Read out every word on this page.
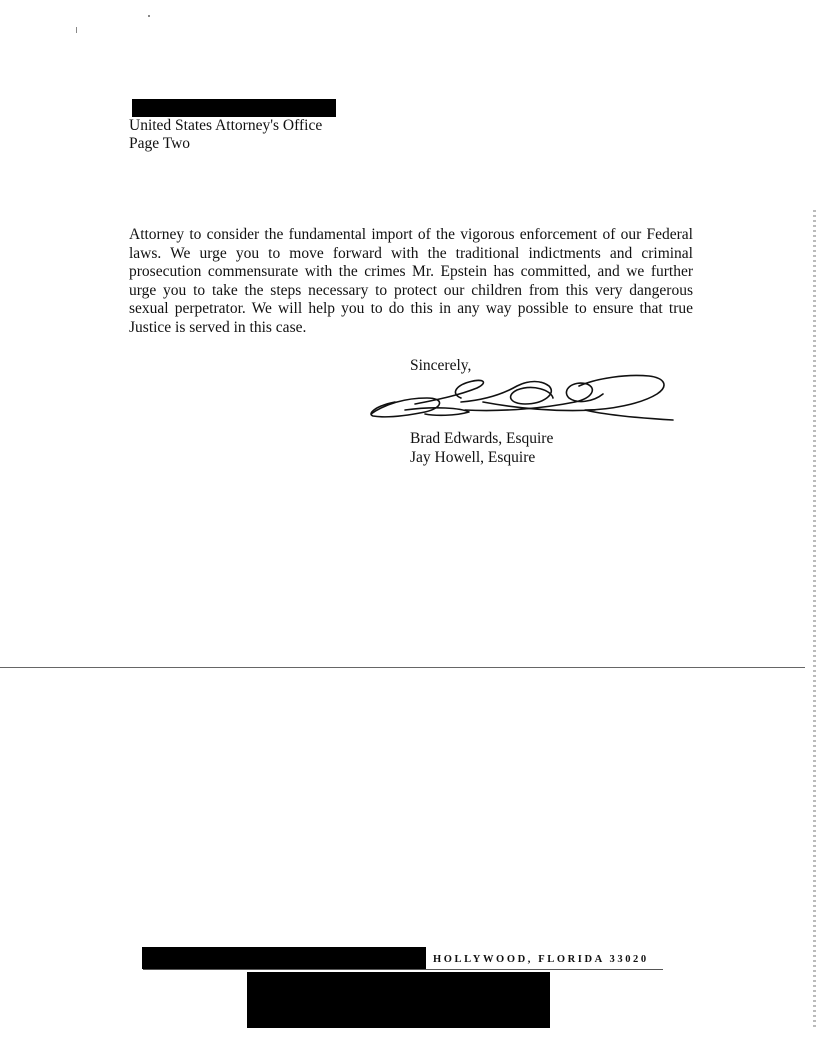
United States Attorney's Office
Page Two
Attorney to consider the fundamental import of the vigorous enforcement of our Federal
laws. We urge you to move forward with the traditional indictments and criminal
prosecution commensurate with the crimes Mr. Epstein has committed, and we further
urge you to take the steps necessary to protect our children from this very dangerous
sexual perpetrator. We will help you to do this in any way possible to ensure that true
Justice is served in this case.
Sincerely,
Brad Edwards, Esquire
Jay Howell, Esquire
HOLLYWOOD, FLORIDA 33020
